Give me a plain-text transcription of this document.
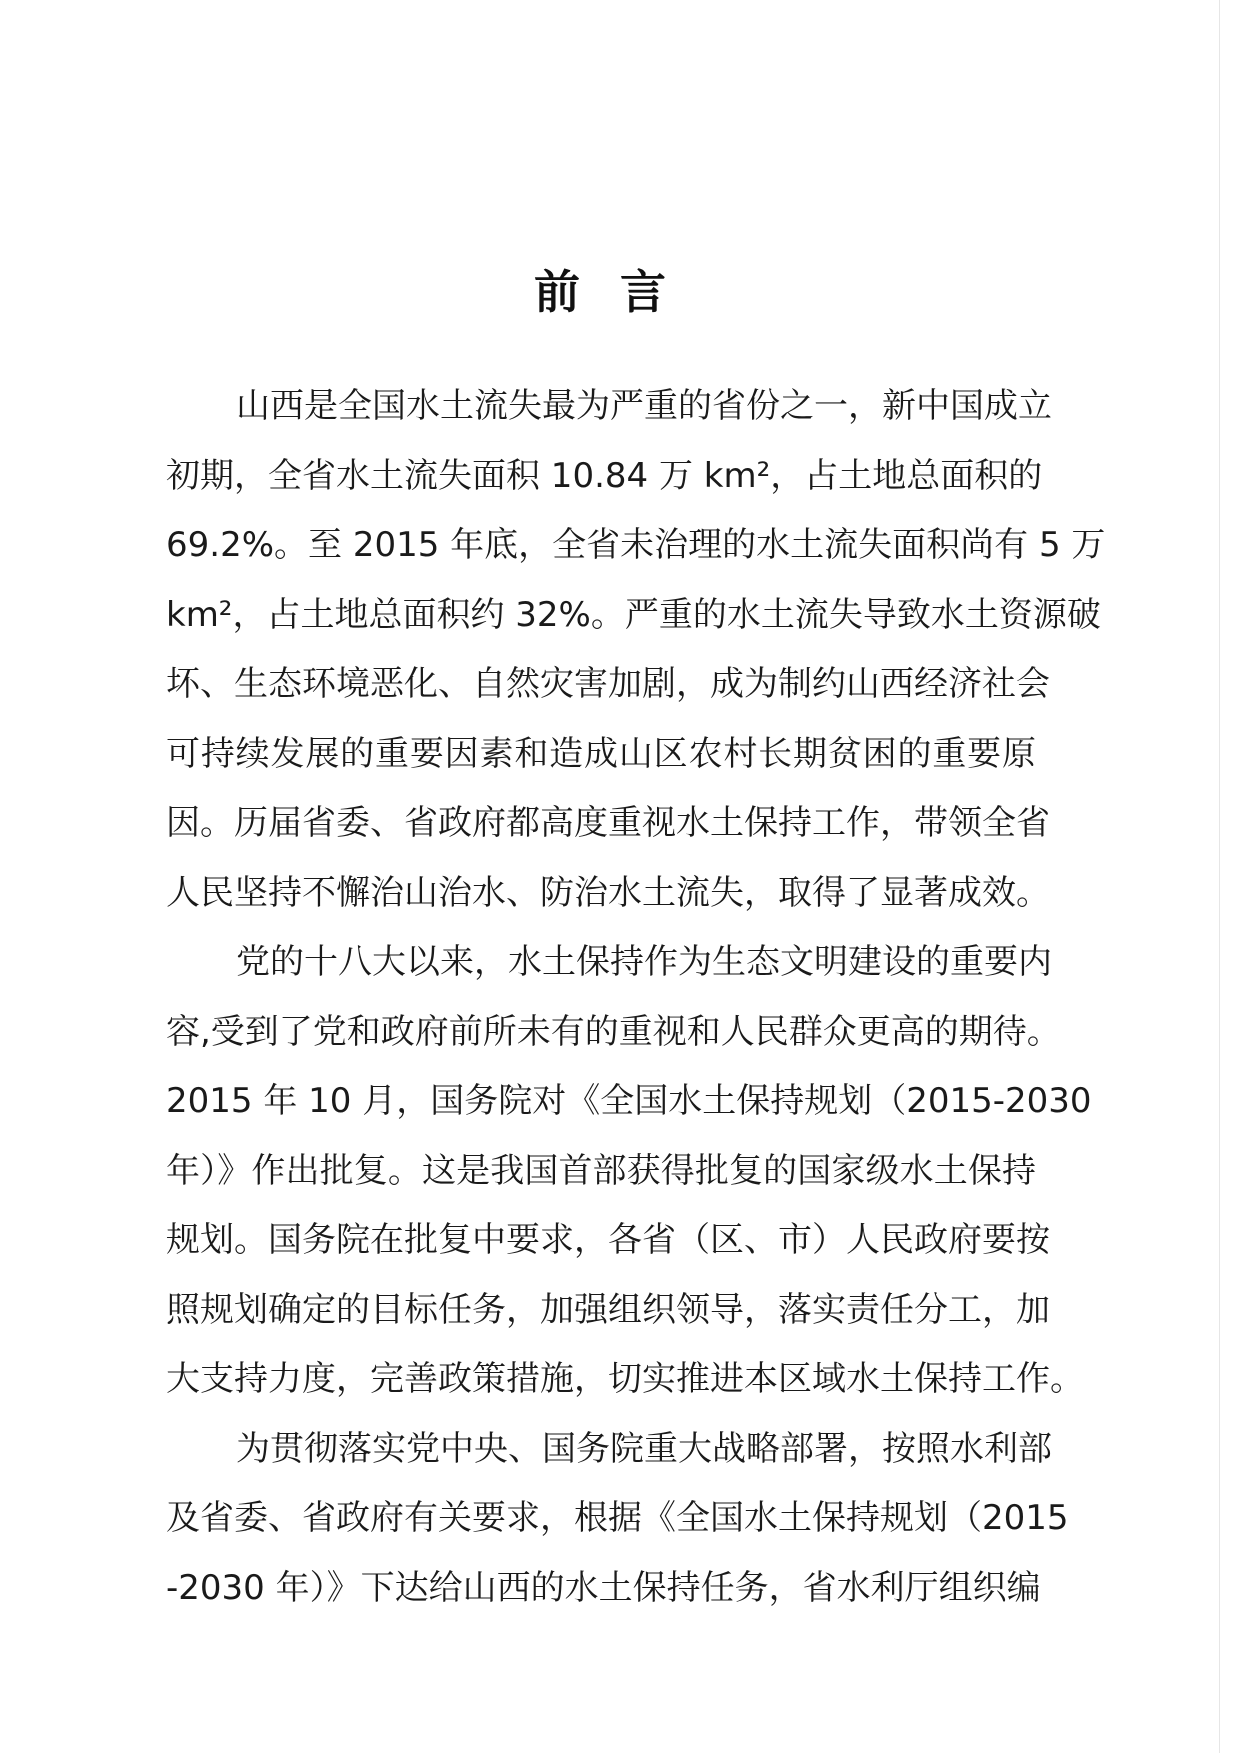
前言
山西是全国水土流失最为严重的省份之一，新中国成立
初期，全省水土流失面积 10.84 万 km²，占土地总面积的
69.2%。至 2015 年底，全省未治理的水土流失面积尚有 5 万
km²，占土地总面积约 32%。严重的水土流失导致水土资源破
坏、生态环境恶化、自然灾害加剧，成为制约山西经济社会
可持续发展的重要因素和造成山区农村长期贫困的重要原
因。历届省委、省政府都高度重视水土保持工作，带领全省
人民坚持不懈治山治水、防治水土流失，取得了显著成效。
党的十八大以来，水土保持作为生态文明建设的重要内
容,受到了党和政府前所未有的重视和人民群众更高的期待。
2015 年 10 月，国务院对《全国水土保持规划（2015-2030
年）》作出批复。这是我国首部获得批复的国家级水土保持
规划。国务院在批复中要求，各省（区、市）人民政府要按
照规划确定的目标任务，加强组织领导，落实责任分工，加
大支持力度，完善政策措施，切实推进本区域水土保持工作。
为贯彻落实党中央、国务院重大战略部署，按照水利部
及省委、省政府有关要求，根据《全国水土保持规划（2015
-2030 年）》下达给山西的水土保持任务，省水利厅组织编
